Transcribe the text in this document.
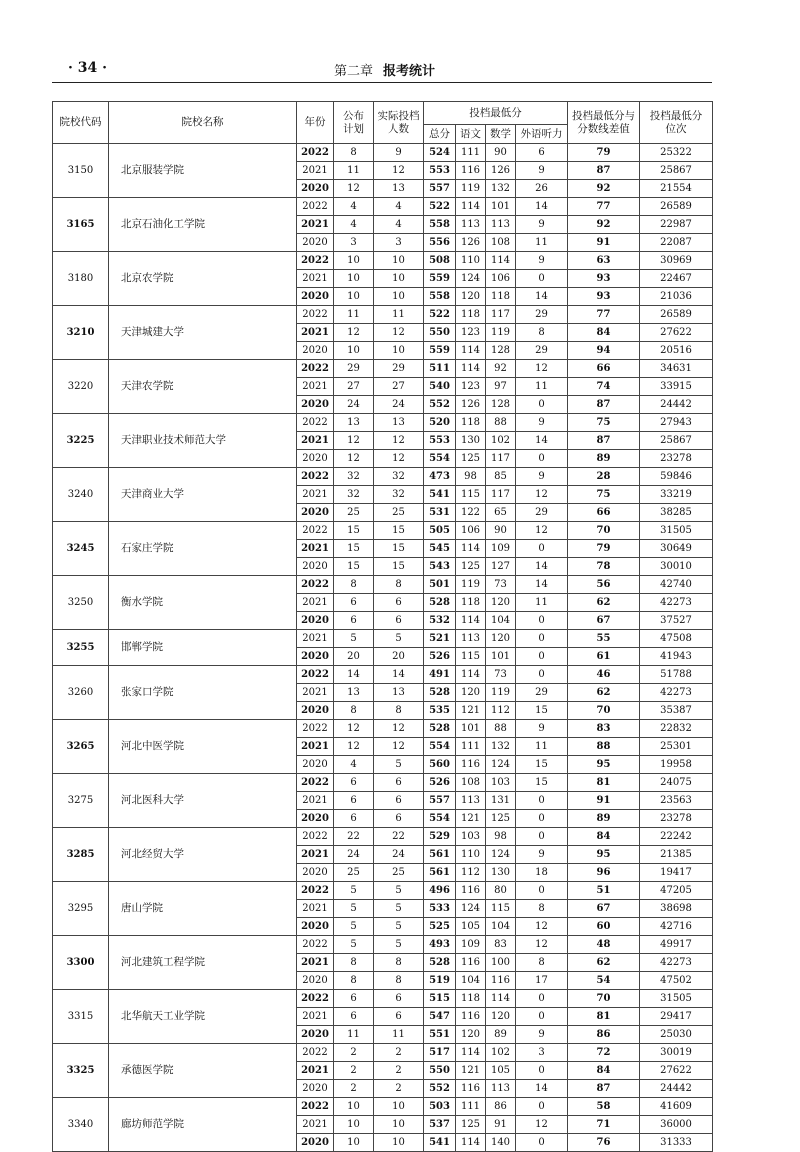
· 34 ·	第二章 报考统计
院校代码	院校名称	年份	公布计划	实际投档人数	投档最低分				投档最低分与分数线差值	投档最低分位次
					总分	语文	数学	外语听力		
3150	北京服装学院	2022	8	9	524	111	90	6	79	25322
		2021	11	12	553	116	126	9	87	25867
		2020	12	13	557	119	132	26	92	21554
3165	北京石油化工学院	2022	4	4	522	114	101	14	77	26589
		2021	4	4	558	113	113	9	92	22987
		2020	3	3	556	126	108	11	91	22087
3180	北京农学院	2022	10	10	508	110	114	9	63	30969
		2021	10	10	559	124	106	0	93	22467
		2020	10	10	558	120	118	14	93	21036
3210	天津城建大学	2022	11	11	522	118	117	29	77	26589
		2021	12	12	550	123	119	8	84	27622
		2020	10	10	559	114	128	29	94	20516
3220	天津农学院	2022	29	29	511	114	92	12	66	34631
		2021	27	27	540	123	97	11	74	33915
		2020	24	24	552	126	128	0	87	24442
3225	天津职业技术师范大学	2022	13	13	520	118	88	9	75	27943
		2021	12	12	553	130	102	14	87	25867
		2020	12	12	554	125	117	0	89	23278
3240	天津商业大学	2022	32	32	473	98	85	9	28	59846
		2021	32	32	541	115	117	12	75	33219
		2020	25	25	531	122	65	29	66	38285
3245	石家庄学院	2022	15	15	505	106	90	12	70	31505
		2021	15	15	545	114	109	0	79	30649
		2020	15	15	543	125	127	14	78	30010
3250	衡水学院	2022	8	8	501	119	73	14	56	42740
		2021	6	6	528	118	120	11	62	42273
		2020	6	6	532	114	104	0	67	37527
3255	邯郸学院	2021	5	5	521	113	120	0	55	47508
		2020	20	20	526	115	101	0	61	41943
3260	张家口学院	2022	14	14	491	114	73	0	46	51788
		2021	13	13	528	120	119	29	62	42273
		2020	8	8	535	121	112	15	70	35387
3265	河北中医学院	2022	12	12	528	101	88	9	83	22832
		2021	12	12	554	111	132	11	88	25301
		2020	4	5	560	116	124	15	95	19958
3275	河北医科大学	2022	6	6	526	108	103	15	81	24075
		2021	6	6	557	113	131	0	91	23563
		2020	6	6	554	121	125	0	89	23278
3285	河北经贸大学	2022	22	22	529	103	98	0	84	22242
		2021	24	24	561	110	124	9	95	21385
		2020	25	25	561	112	130	18	96	19417
3295	唐山学院	2022	5	5	496	116	80	0	51	47205
		2021	5	5	533	124	115	8	67	38698
		2020	5	5	525	105	104	12	60	42716
3300	河北建筑工程学院	2022	5	5	493	109	83	12	48	49917
		2021	8	8	528	116	100	8	62	42273
		2020	8	8	519	104	116	17	54	47502
3315	北华航天工业学院	2022	6	6	515	118	114	0	70	31505
		2021	6	6	547	116	120	0	81	29417
		2020	11	11	551	120	89	9	86	25030
3325	承德医学院	2022	2	2	517	114	102	3	72	30019
		2021	2	2	550	121	105	0	84	27622
		2020	2	2	552	116	113	14	87	24442
3340	廊坊师范学院	2022	10	10	503	111	86	0	58	41609
		2021	10	10	537	125	91	12	71	36000
		2020	10	10	541	114	140	0	76	31333
